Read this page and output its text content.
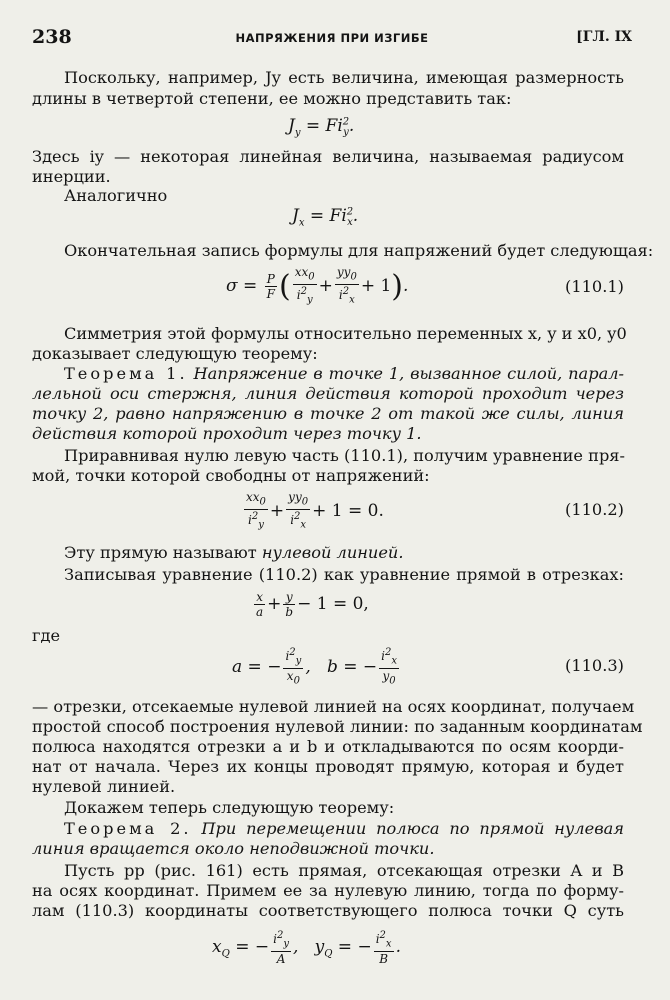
238	НАПРЯЖЕНИЯ ПРИ ИЗГИБЕ	[ГЛ. IX
Поскольку, например, Jy есть величина, имеющая размерность
длины в четвертой степени, ее можно представить так:
$J_y = Fi^2_y$.
Здесь iy — некоторая линейная величина, называемая радиусом
инерции.
Аналогично
$J_x = Fi^2_x$.
Окончательная запись формулы для напряжений будет следующая:
$\sigma = \frac{P}{F}$ ( $\frac{xx_0}{i^2_y} + \frac{yy_0}{i^2_x} + 1$).	(110.1)
Симметрия этой формулы относительно переменных x, y и x0, y0
доказывает следующую теорему:
Теорема 1. Напряжение в точке 1, вызванное силой, парал-
лельной оси стержня, линия действия которой проходит через
точку 2, равно напряжению в точке 2 от такой же силы, линия
действия которой проходит через точку 1.
Приравнивая нулю левую часть (110.1), получим уравнение пря-
мой, точки которой свободны от напряжений:
$\frac{xx_0}{i^2_y} + \frac{yy_0}{i^2_x} + 1 = 0$.	(110.2)
Эту прямую называют нулевой линией.
Записывая уравнение (110.2) как уравнение прямой в отрезках:
$\frac{x}{a} + \frac{y}{b} - 1 = 0$,
где
a = − $\frac{i^2_y}{x_0}$ , b = − $\frac{i^2_x}{y_0}$	(110.3)
— отрезки, отсекаемые нулевой линией на осях координат, получаем
простой способ построения нулевой линии: по заданным координатам
полюса находятся отрезки a и b и откладываются по осям коорди-
нат от начала. Через их концы проводят прямую, которая и будет
нулевой линией.
Докажем теперь следующую теорему:
Теорема 2. При перемещении полюса по прямой нулевая
линия вращается около неподвижной точки.
Пусть pp (рис. 161) есть прямая, отсекающая отрезки A и B
на осях координат. Примем ее за нулевую линию, тогда по форму-
лам (110.3) координаты соответствующего полюса точки Q суть
$x_Q$ = − $\frac{i^2_y}{A}$ , $y_Q$ = − $\frac{i^2_x}{B}$ .
